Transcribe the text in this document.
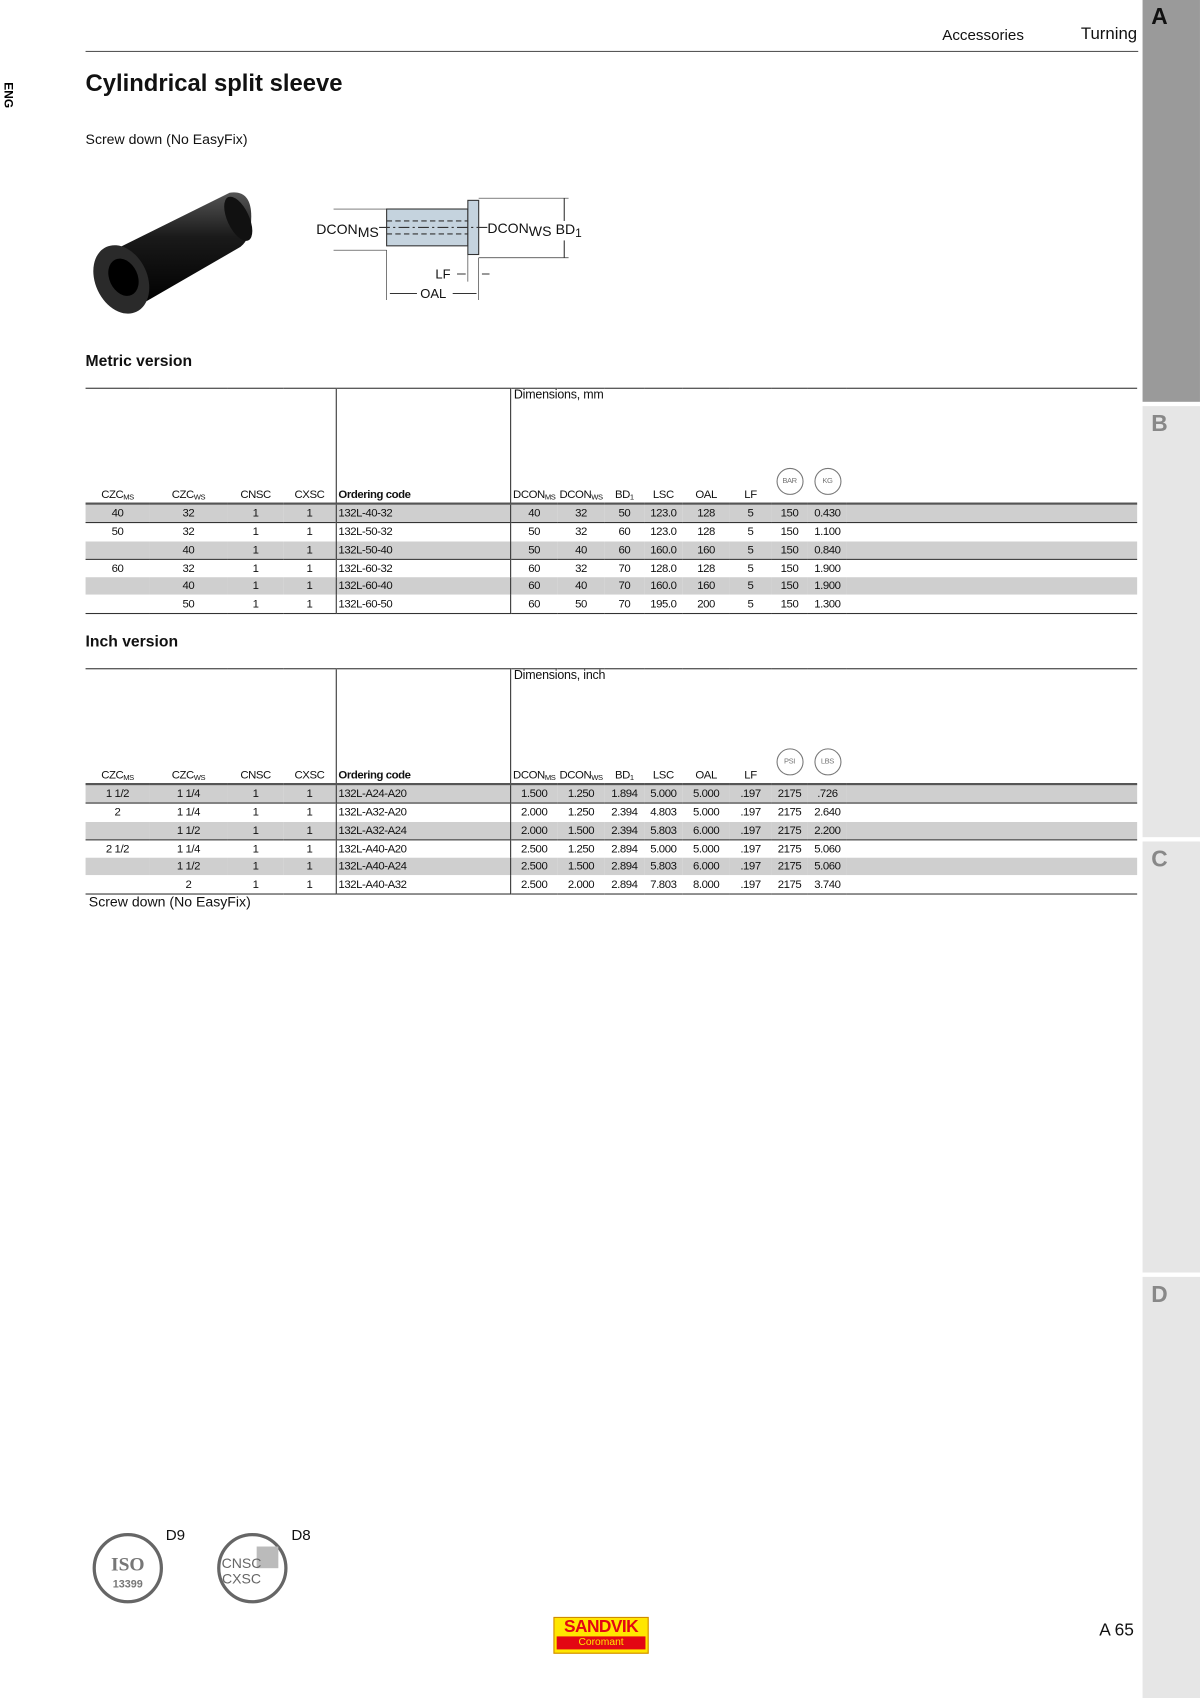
Accessories	Turning
ENG
A
B
C
D
Cylindrical split sleeve
Screw down (No EasyFix)
DCONMS	DCONWS $BD_1$
LF
OAL
Metric version
$CZC_{MS}$	$CZC_{WS}$	CNSC	CXSC	Ordering code	Dimensions, mm
$DCON_{MS}$	$DCON_{WS}$	$BD_1$	LSC	OAL	LF	BAR	KG	
40	32	1	1	132L-40-32	40	32	50	123.0	128	5	150	0.430	
50	32	1	1	132L-50-32	50	32	60	123.0	128	5	150	1.100	
	40	1	1	132L-50-40	50	40	60	160.0	160	5	150	0.840	
60	32	1	1	132L-60-32	60	32	70	128.0	128	5	150	1.900	
	40	1	1	132L-60-40	60	40	70	160.0	160	5	150	1.900	
	50	1	1	132L-60-50	60	50	70	195.0	200	5	150	1.300	
Inch version
$CZC_{MS}$	$CZC_{WS}$	CNSC	CXSC	Ordering code	Dimensions, inch
$DCON_{MS}$	$DCON_{WS}$	$BD_1$	LSC	OAL	LF	PSI	LBS	
1 1/2	1 1/4	1	1	132L-A24-A20	1.500	1.250	1.894	5.000	5.000	.197	2175	.726	
2	1 1/4	1	1	132L-A32-A20	2.000	1.250	2.394	4.803	5.000	.197	2175	2.640	
	1 1/2	1	1	132L-A32-A24	2.000	1.500	2.394	5.803	6.000	.197	2175	2.200	
2 1/2	1 1/4	1	1	132L-A40-A20	2.500	1.250	2.894	5.000	5.000	.197	2175	5.060	
	1 1/2	1	1	132L-A40-A24	2.500	1.500	2.894	5.803	6.000	.197	2175	5.060	
	2	1	1	132L-A40-A32	2.500	2.000	2.894	7.803	8.000	.197	2175	3.740	
Screw down (No EasyFix)
ISO
13399
D9
CNSC
CXSC
D8
SANDVIK
Coromant
A 65
